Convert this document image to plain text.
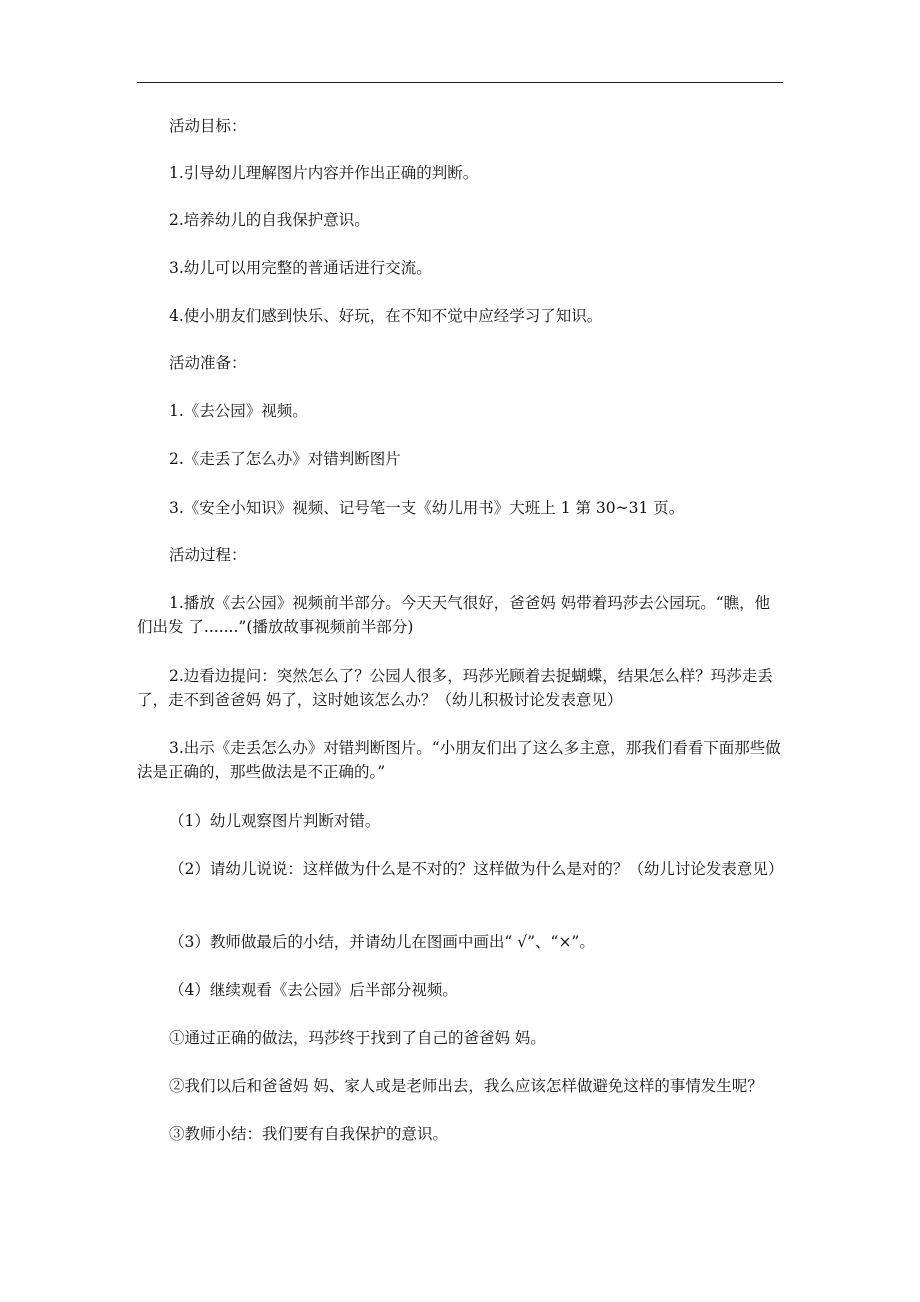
活动目标：

1.引导幼儿理解图片内容并作出正确的判断。

2.培养幼儿的自我保护意识。

3.幼儿可以用完整的普通话进行交流。

4.使小朋友们感到快乐、好玩，在不知不觉中应经学习了知识。

活动准备：

1.《去公园》视频。

2.《走丢了怎么办》对错判断图片

3.《安全小知识》视频、记号笔一支《幼儿用书》大班上 1 第 30~31 页。

活动过程：

1.播放《去公园》视频前半部分。今天天气很好，爸爸妈 妈带着玛莎去公园玩。“瞧，他们出发 了.......”(播放故事视频前半部分)

2.边看边提问：突然怎么了？公园人很多，玛莎光顾着去捉蝴蝶，结果怎么样？玛莎走丢了，走不到爸爸妈 妈了，这时她该怎么办？（幼儿积极讨论发表意见）

3.出示《走丢怎么办》对错判断图片。“小朋友们出了这么多主意，那我们看看下面那些做法是正确的，那些做法是不正确的。”

（1）幼儿观察图片判断对错。

（2）请幼儿说说：这样做为什么是不对的？这样做为什么是对的？（幼儿讨论发表意见）

（3）教师做最后的小结，并请幼儿在图画中画出“ √”、“×”。

（4）继续观看《去公园》后半部分视频。

①通过正确的做法，玛莎终于找到了自己的爸爸妈 妈。

②我们以后和爸爸妈 妈、家人或是老师出去，我么应该怎样做避免这样的事情发生呢？

③教师小结：我们要有自我保护的意识。
